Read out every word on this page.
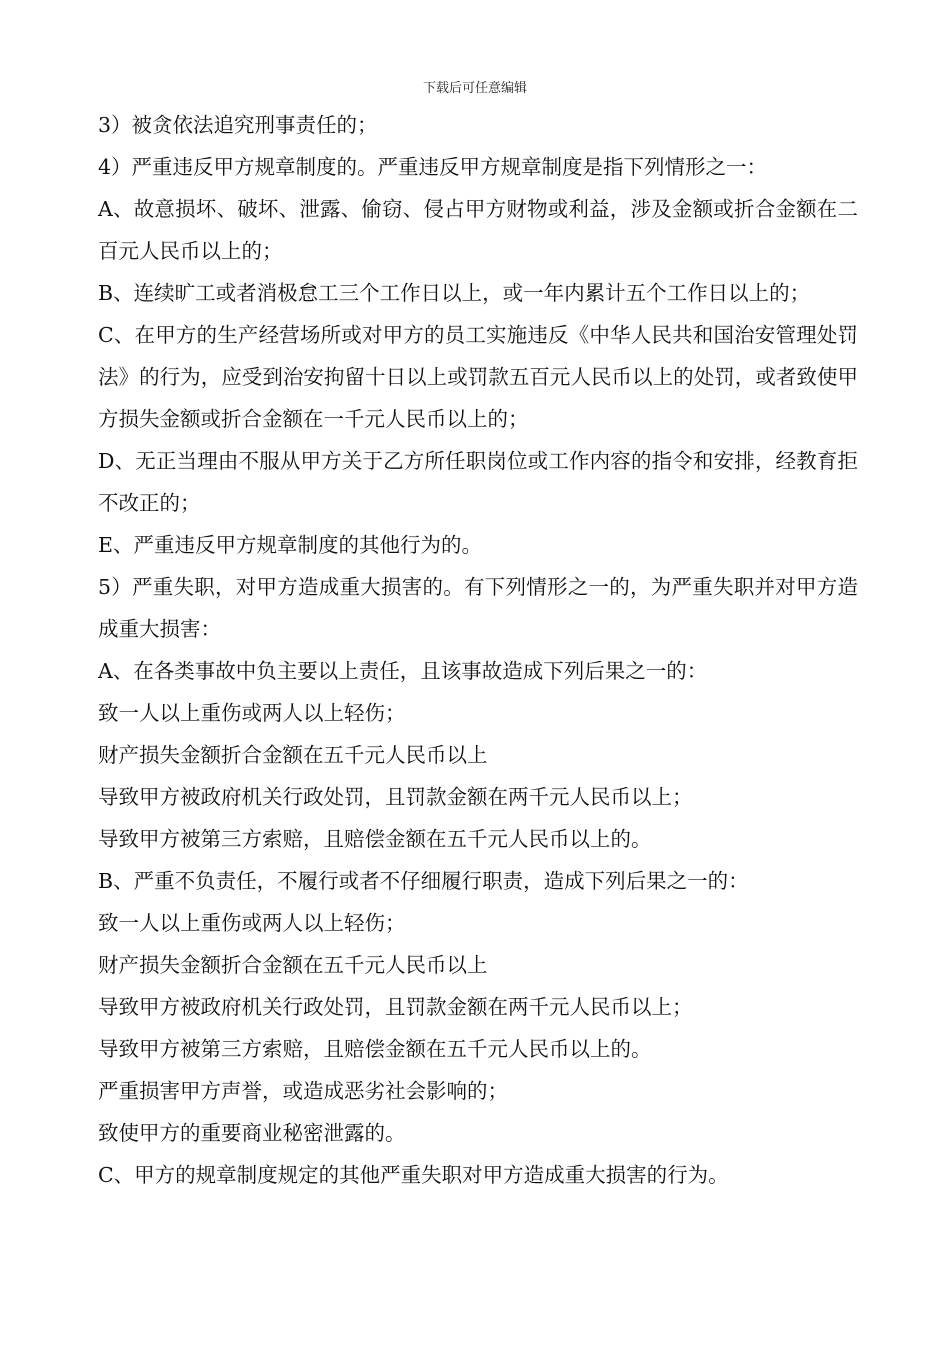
下载后可任意编辑

3）被贪依法追究刑事责任的；

4）严重违反甲方规章制度的。严重违反甲方规章制度是指下列情形之一：

A、故意损坏、破坏、泄露、偷窃、侵占甲方财物或利益，涉及金额或折合金额在二百元人民币以上的；

B、连续旷工或者消极怠工三个工作日以上，或一年内累计五个工作日以上的；

C、在甲方的生产经营场所或对甲方的员工实施违反《中华人民共和国治安管理处罚法》的行为，应受到治安拘留十日以上或罚款五百元人民币以上的处罚，或者致使甲方损失金额或折合金额在一千元人民币以上的；

D、无正当理由不服从甲方关于乙方所任职岗位或工作内容的指令和安排，经教育拒不改正的；

E、严重违反甲方规章制度的其他行为的。

5）严重失职，对甲方造成重大损害的。有下列情形之一的，为严重失职并对甲方造成重大损害：

A、在各类事故中负主要以上责任，且该事故造成下列后果之一的：

致一人以上重伤或两人以上轻伤；

财产损失金额折合金额在五千元人民币以上

导致甲方被政府机关行政处罚，且罚款金额在两千元人民币以上；

导致甲方被第三方索赔，且赔偿金额在五千元人民币以上的。

B、严重不负责任，不履行或者不仔细履行职责，造成下列后果之一的：

致一人以上重伤或两人以上轻伤；

财产损失金额折合金额在五千元人民币以上

导致甲方被政府机关行政处罚，且罚款金额在两千元人民币以上；

导致甲方被第三方索赔，且赔偿金额在五千元人民币以上的。

严重损害甲方声誉，或造成恶劣社会影响的；

致使甲方的重要商业秘密泄露的。

C、甲方的规章制度规定的其他严重失职对甲方造成重大损害的行为。
